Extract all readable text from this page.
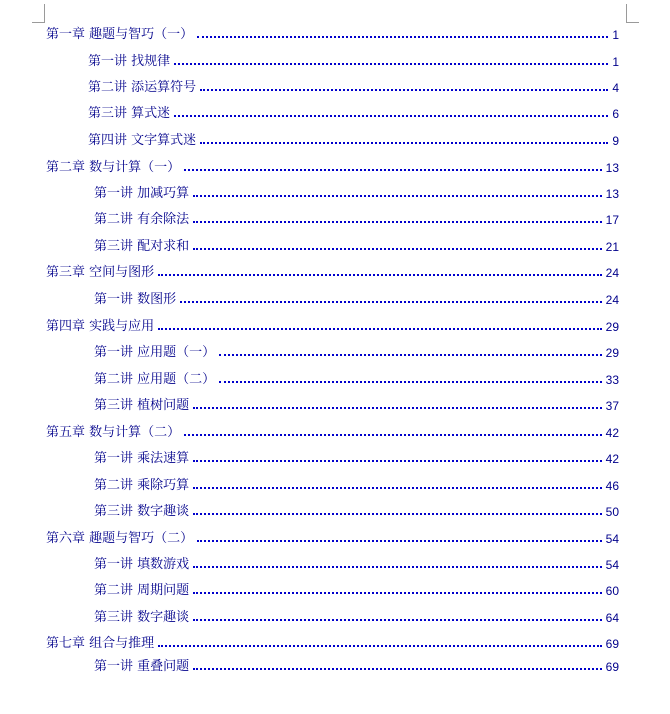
第一章 趣题与智巧（一）	1
第一讲 找规律	1
第二讲 添运算符号	4
第三讲 算式迷	6
第四讲 文字算式迷	9
第二章 数与计算（一）	13
第一讲 加减巧算	13
第二讲 有余除法	17
第三讲 配对求和	21
第三章 空间与图形	24
第一讲 数图形	24
第四章 实践与应用	29
第一讲 应用题（一）	29
第二讲 应用题（二）	33
第三讲 植树问题	37
第五章 数与计算（二）	42
第一讲 乘法速算	42
第二讲 乘除巧算	46
第三讲 数字趣谈	50
第六章 趣题与智巧（二）	54
第一讲 填数游戏	54
第二讲 周期问题	60
第三讲 数字趣谈	64
第七章 组合与推理	69
第一讲 重叠问题	69
